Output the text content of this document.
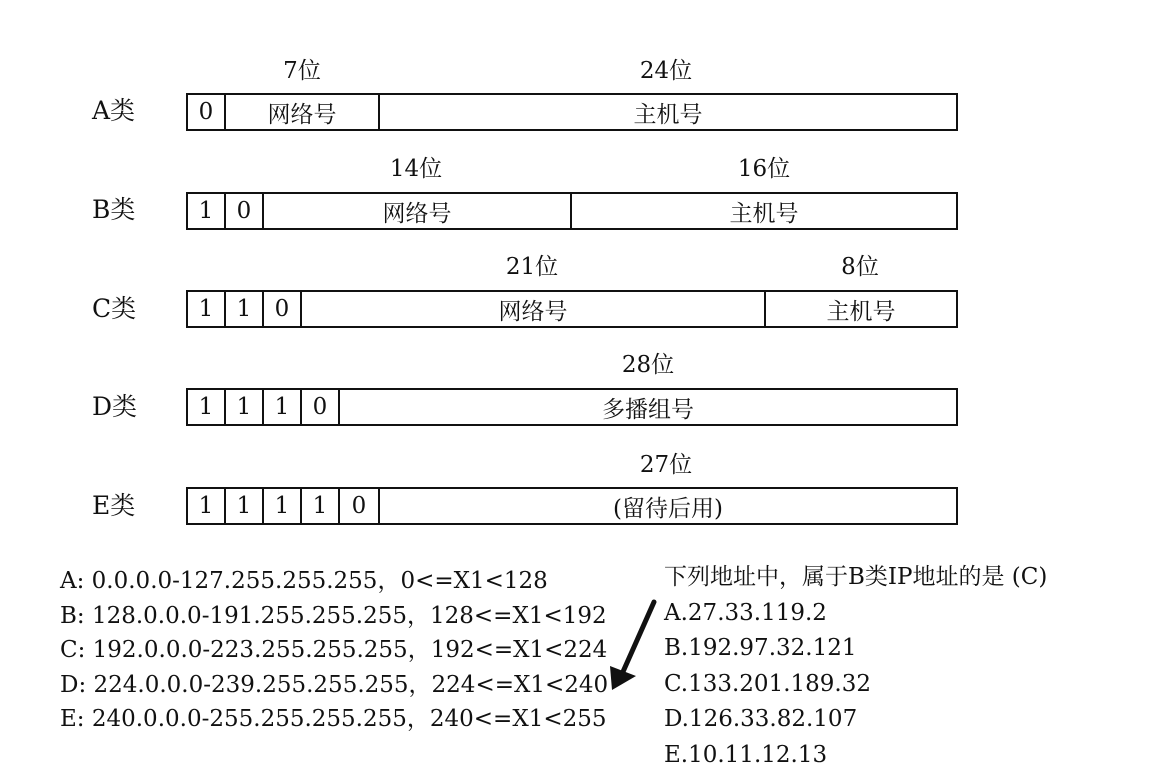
7位	24位
A类	0	网络号	主机号
14位	16位
B类	1	0	网络号	主机号
21位	8位
C类	1	1	0	网络号	主机号
28位
D类	1	1	1	0	多播组号
27位
E类	1	1	1	1	0	(留待后用)
A: 0.0.0.0-127.255.255.255，0<=X1<128
B: 128.0.0.0-191.255.255.255，128<=X1<192
C: 192.0.0.0-223.255.255.255，192<=X1<224
D: 224.0.0.0-239.255.255.255，224<=X1<240
E: 240.0.0.0-255.255.255.255，240<=X1<255
下列地址中，属于B类IP地址的是 (C)
A.27.33.119.2
B.192.97.32.121
C.133.201.189.32
D.126.33.82.107
E.10.11.12.13
